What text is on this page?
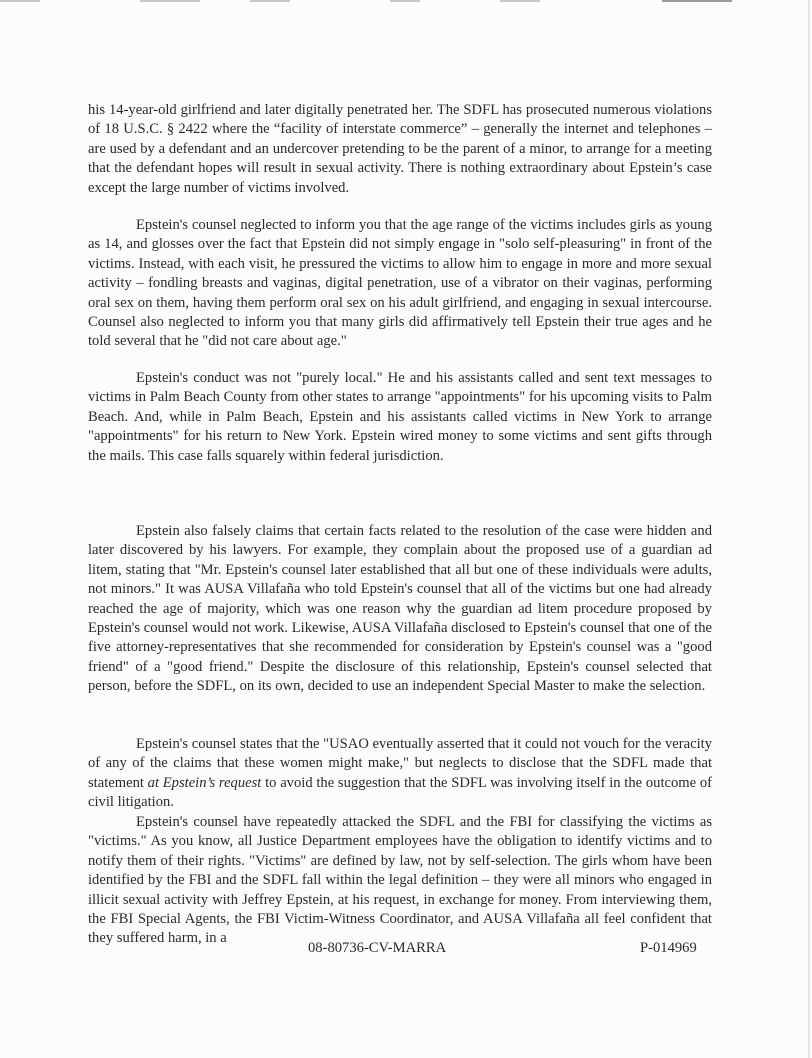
his 14-year-old girlfriend and later digitally penetrated her. The SDFL has prosecuted numerous violations of 18 U.S.C. § 2422 where the “facility of interstate commerce” – generally the internet and telephones – are used by a defendant and an undercover pretending to be the parent of a minor, to arrange for a meeting that the defendant hopes will result in sexual activity. There is nothing extraordinary about Epstein’s case except the large number of victims involved.

Epstein's counsel neglected to inform you that the age range of the victims includes girls as young as 14, and glosses over the fact that Epstein did not simply engage in "solo self-pleasuring" in front of the victims. Instead, with each visit, he pressured the victims to allow him to engage in more and more sexual activity – fondling breasts and vaginas, digital penetration, use of a vibrator on their vaginas, performing oral sex on them, having them perform oral sex on his adult girlfriend, and engaging in sexual intercourse. Counsel also neglected to inform you that many girls did affirmatively tell Epstein their true ages and he told several that he "did not care about age."

Epstein's conduct was not "purely local." He and his assistants called and sent text messages to victims in Palm Beach County from other states to arrange "appointments" for his upcoming visits to Palm Beach. And, while in Palm Beach, Epstein and his assistants called victims in New York to arrange "appointments" for his return to New York. Epstein wired money to some victims and sent gifts through the mails. This case falls squarely within federal jurisdiction.

Epstein also falsely claims that certain facts related to the resolution of the case were hidden and later discovered by his lawyers. For example, they complain about the proposed use of a guardian ad litem, stating that "Mr. Epstein's counsel later established that all but one of these individuals were adults, not minors." It was AUSA Villafaña who told Epstein's counsel that all of the victims but one had already reached the age of majority, which was one reason why the guardian ad litem procedure proposed by Epstein's counsel would not work. Likewise, AUSA Villafaña disclosed to Epstein's counsel that one of the five attorney-representatives that she recommended for consideration by Epstein's counsel was a "good friend" of a "good friend." Despite the disclosure of this relationship, Epstein's counsel selected that person, before the SDFL, on its own, decided to use an independent Special Master to make the selection.

Epstein's counsel states that the "USAO eventually asserted that it could not vouch for the veracity of any of the claims that these women might make," but neglects to disclose that the SDFL made that statement at Epstein’s request to avoid the suggestion that the SDFL was involving itself in the outcome of civil litigation.

Epstein's counsel have repeatedly attacked the SDFL and the FBI for classifying the victims as "victims." As you know, all Justice Department employees have the obligation to identify victims and to notify them of their rights. "Victims" are defined by law, not by self-selection. The girls whom have been identified by the FBI and the SDFL fall within the legal definition – they were all minors who engaged in illicit sexual activity with Jeffrey Epstein, at his request, in exchange for money. From interviewing them, the FBI Special Agents, the FBI Victim-Witness Coordinator, and AUSA Villafaña all feel confident that they suffered harm, in a

08-80736-CV-MARRA	P-014969
